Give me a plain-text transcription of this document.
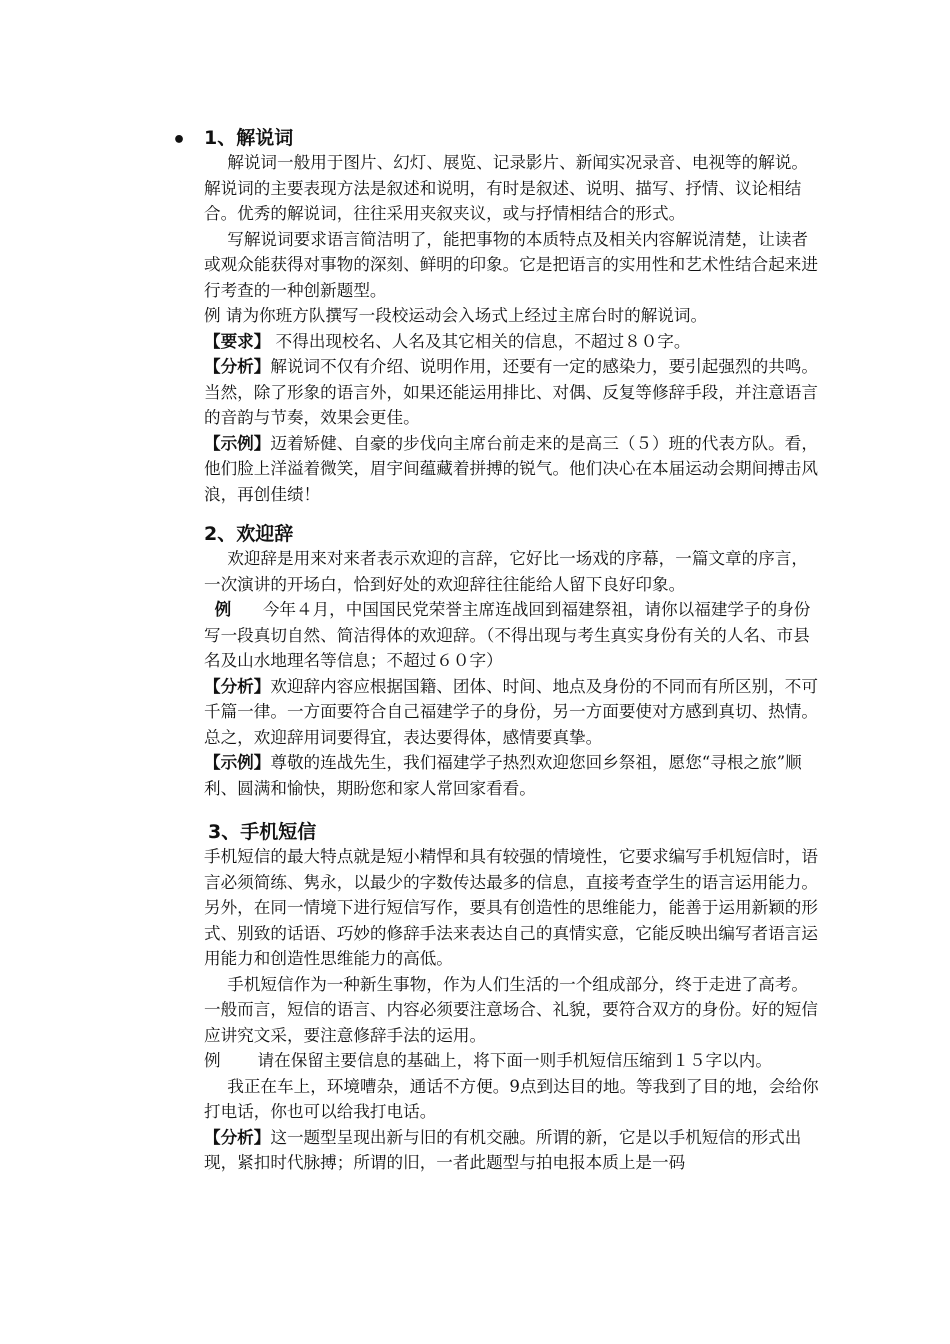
• 1、解说词

解说词一般用于图片、幻灯、展览、记录影片、新闻实况录音、电视等的解说。解说词的主要表现方法是叙述和说明，有时是叙述、说明、描写、抒情、议论相结合。优秀的解说词，往往采用夹叙夹议，或与抒情相结合的形式。

写解说词要求语言简洁明了，能把事物的本质特点及相关内容解说清楚，让读者或观众能获得对事物的深刻、鲜明的印象。它是把语言的实用性和艺术性结合起来进行考查的一种创新题型。

例 请为你班方队撰写一段校运动会入场式上经过主席台时的解说词。

【要求】 不得出现校名、人名及其它相关的信息，不超过８０字。

【分析】解说词不仅有介绍、说明作用，还要有一定的感染力，要引起强烈的共鸣。当然，除了形象的语言外，如果还能运用排比、对偶、反复等修辞手段，并注意语言的音韵与节奏，效果会更佳。

【示例】迈着矫健、自豪的步伐向主席台前走来的是高三（５）班的代表方队。看，他们脸上洋溢着微笑，眉宇间蕴藏着拼搏的锐气。他们决心在本届运动会期间搏击风浪，再创佳绩！

2、欢迎辞

欢迎辞是用来对来者表示欢迎的言辞，它好比一场戏的序幕，一篇文章的序言，一次演讲的开场白，恰到好处的欢迎辞往往能给人留下良好印象。

例 今年４月，中国国民党荣誉主席连战回到福建祭祖，请你以福建学子的身份写一段真切自然、简洁得体的欢迎辞。（不得出现与考生真实身份有关的人名、市县名及山水地理名等信息；不超过６０字）

【分析】欢迎辞内容应根据国籍、团体、时间、地点及身份的不同而有所区别，不可千篇一律。一方面要符合自己福建学子的身份，另一方面要使对方感到真切、热情。总之，欢迎辞用词要得宜，表达要得体，感情要真挚。

【示例】尊敬的连战先生，我们福建学子热烈欢迎您回乡祭祖，愿您“寻根之旅”顺利、圆满和愉快，期盼您和家人常回家看看。

3、手机短信

手机短信的最大特点就是短小精悍和具有较强的情境性，它要求编写手机短信时，语言必须简练、隽永，以最少的字数传达最多的信息，直接考查学生的语言运用能力。另外，在同一情境下进行短信写作，要具有创造性的思维能力，能善于运用新颖的形式、别致的话语、巧妙的修辞手法来表达自己的真情实意，它能反映出编写者语言运用能力和创造性思维能力的高低。

手机短信作为一种新生事物，作为人们生活的一个组成部分，终于走进了高考。一般而言，短信的语言、内容必须要注意场合、礼貌，要符合双方的身份。好的短信应讲究文采，要注意修辞手法的运用。

例 请在保留主要信息的基础上，将下面一则手机短信压缩到１５字以内。

我正在车上，环境嘈杂，通话不方便。9点到达目的地。等我到了目的地，会给你打电话，你也可以给我打电话。

【分析】这一题型呈现出新与旧的有机交融。所谓的新，它是以手机短信的形式出现，紧扣时代脉搏；所谓的旧，一者此题型与拍电报本质上是一码
